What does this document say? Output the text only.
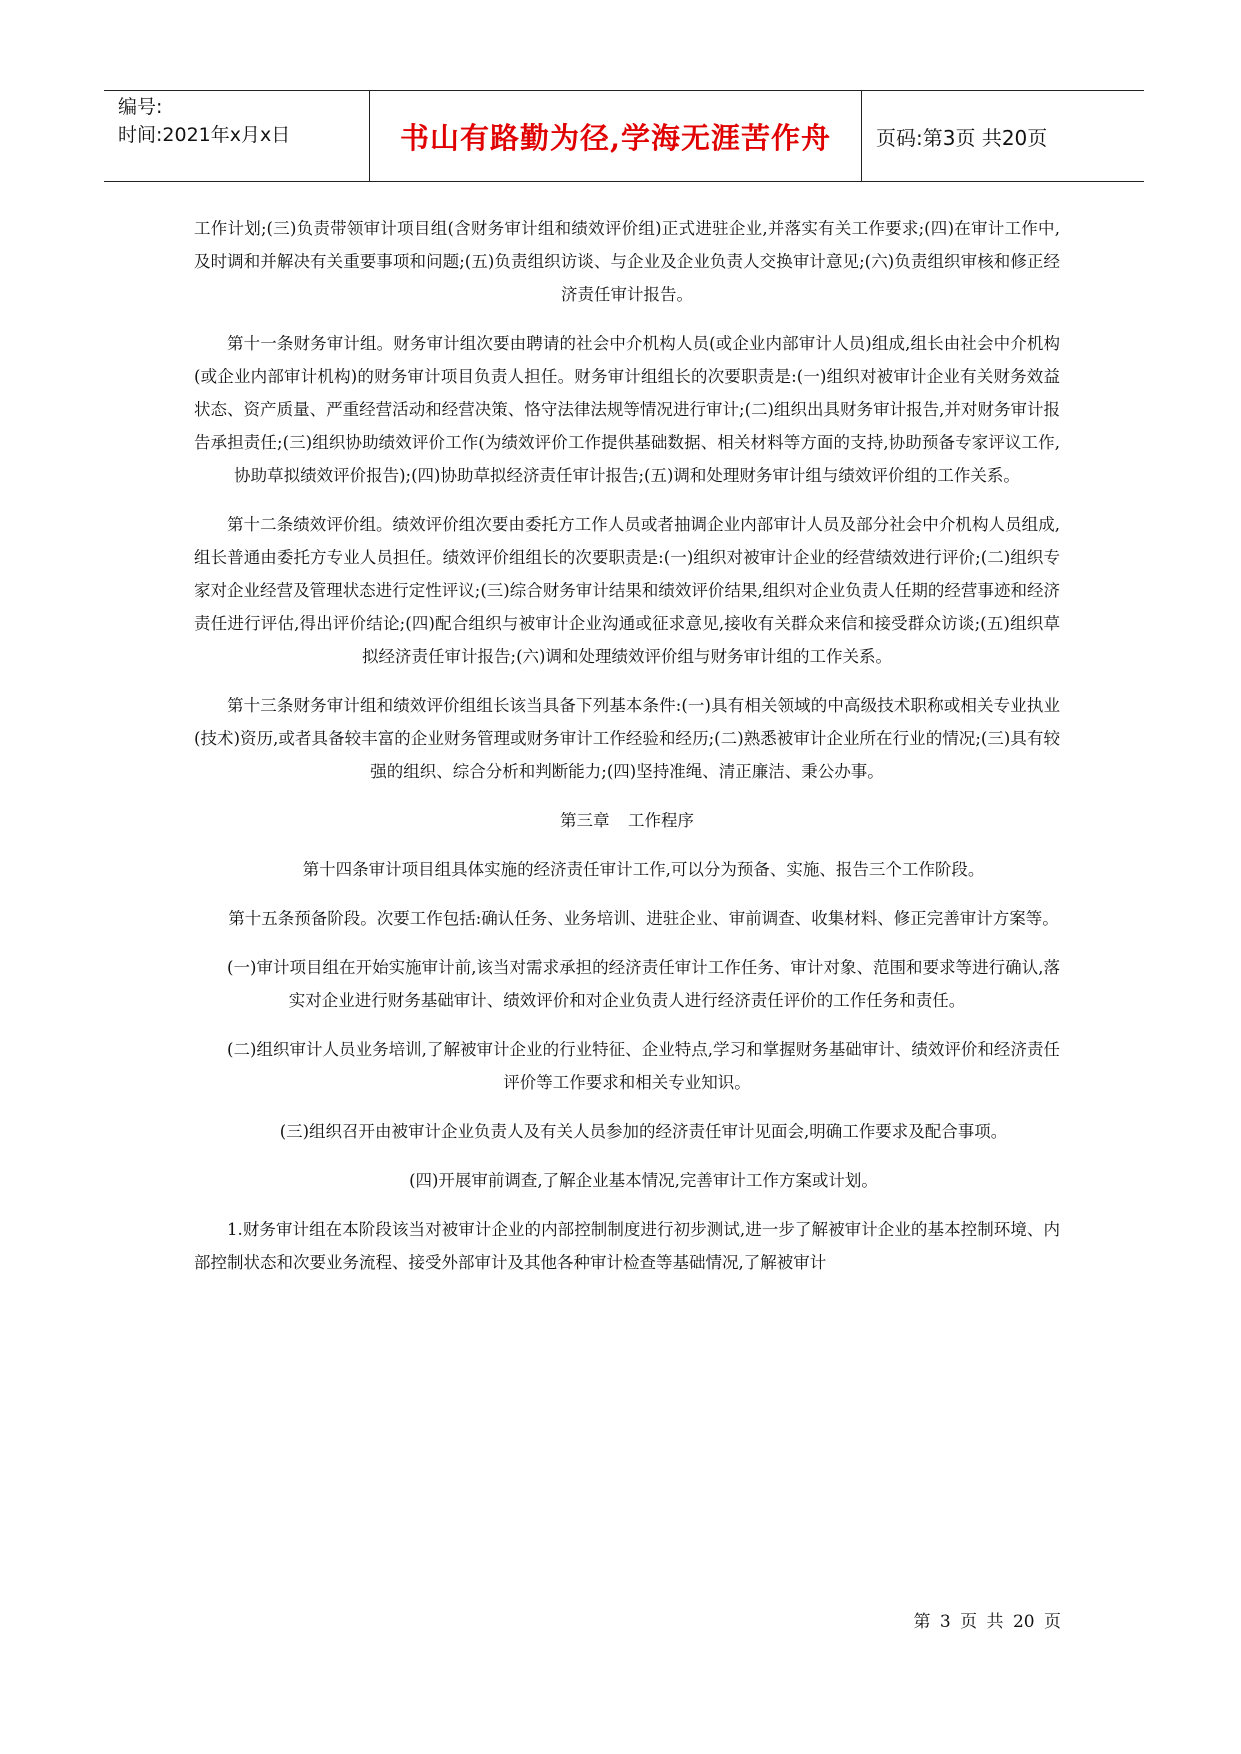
编号:
时间:2021年x月x日	书山有路勤为径,学海无涯苦作舟	页码:第3页 共20页

工作计划;(三)负责带领审计项目组(含财务审计组和绩效评价组)正式进驻企业,并落实有关工作要求;(四)在审计工作中,及时调和并解决有关重要事项和问题;(五)负责组织访谈、与企业及企业负责人交换审计意见;(六)负责组织审核和修正经济责任审计报告。

第十一条财务审计组。财务审计组次要由聘请的社会中介机构人员(或企业内部审计人员)组成,组长由社会中介机构(或企业内部审计机构)的财务审计项目负责人担任。财务审计组组长的次要职责是:(一)组织对被审计企业有关财务效益状态、资产质量、严重经营活动和经营决策、恪守法律法规等情况进行审计;(二)组织出具财务审计报告,并对财务审计报告承担责任;(三)组织协助绩效评价工作(为绩效评价工作提供基础数据、相关材料等方面的支持,协助预备专家评议工作,协助草拟绩效评价报告);(四)协助草拟经济责任审计报告;(五)调和处理财务审计组与绩效评价组的工作关系。

第十二条绩效评价组。绩效评价组次要由委托方工作人员或者抽调企业内部审计人员及部分社会中介机构人员组成,组长普通由委托方专业人员担任。绩效评价组组长的次要职责是:(一)组织对被审计企业的经营绩效进行评价;(二)组织专家对企业经营及管理状态进行定性评议;(三)综合财务审计结果和绩效评价结果,组织对企业负责人任期的经营事迹和经济责任进行评估,得出评价结论;(四)配合组织与被审计企业沟通或征求意见,接收有关群众来信和接受群众访谈;(五)组织草拟经济责任审计报告;(六)调和处理绩效评价组与财务审计组的工作关系。

第十三条财务审计组和绩效评价组组长该当具备下列基本条件:(一)具有相关领域的中高级技术职称或相关专业执业(技术)资历,或者具备较丰富的企业财务管理或财务审计工作经验和经历;(二)熟悉被审计企业所在行业的情况;(三)具有较强的组织、综合分析和判断能力;(四)坚持准绳、清正廉洁、秉公办事。

第三章 工作程序

第十四条审计项目组具体实施的经济责任审计工作,可以分为预备、实施、报告三个工作阶段。

第十五条预备阶段。次要工作包括:确认任务、业务培训、进驻企业、审前调查、收集材料、修正完善审计方案等。

(一)审计项目组在开始实施审计前,该当对需求承担的经济责任审计工作任务、审计对象、范围和要求等进行确认,落实对企业进行财务基础审计、绩效评价和对企业负责人进行经济责任评价的工作任务和责任。

(二)组织审计人员业务培训,了解被审计企业的行业特征、企业特点,学习和掌握财务基础审计、绩效评价和经济责任评价等工作要求和相关专业知识。

(三)组织召开由被审计企业负责人及有关人员参加的经济责任审计见面会,明确工作要求及配合事项。

(四)开展审前调查,了解企业基本情况,完善审计工作方案或计划。

1.财务审计组在本阶段该当对被审计企业的内部控制制度进行初步测试,进一步了解被审计企业的基本控制环境、内部控制状态和次要业务流程、接受外部审计及其他各种审计检查等基础情况,了解被审计

第 3 页 共 20 页
